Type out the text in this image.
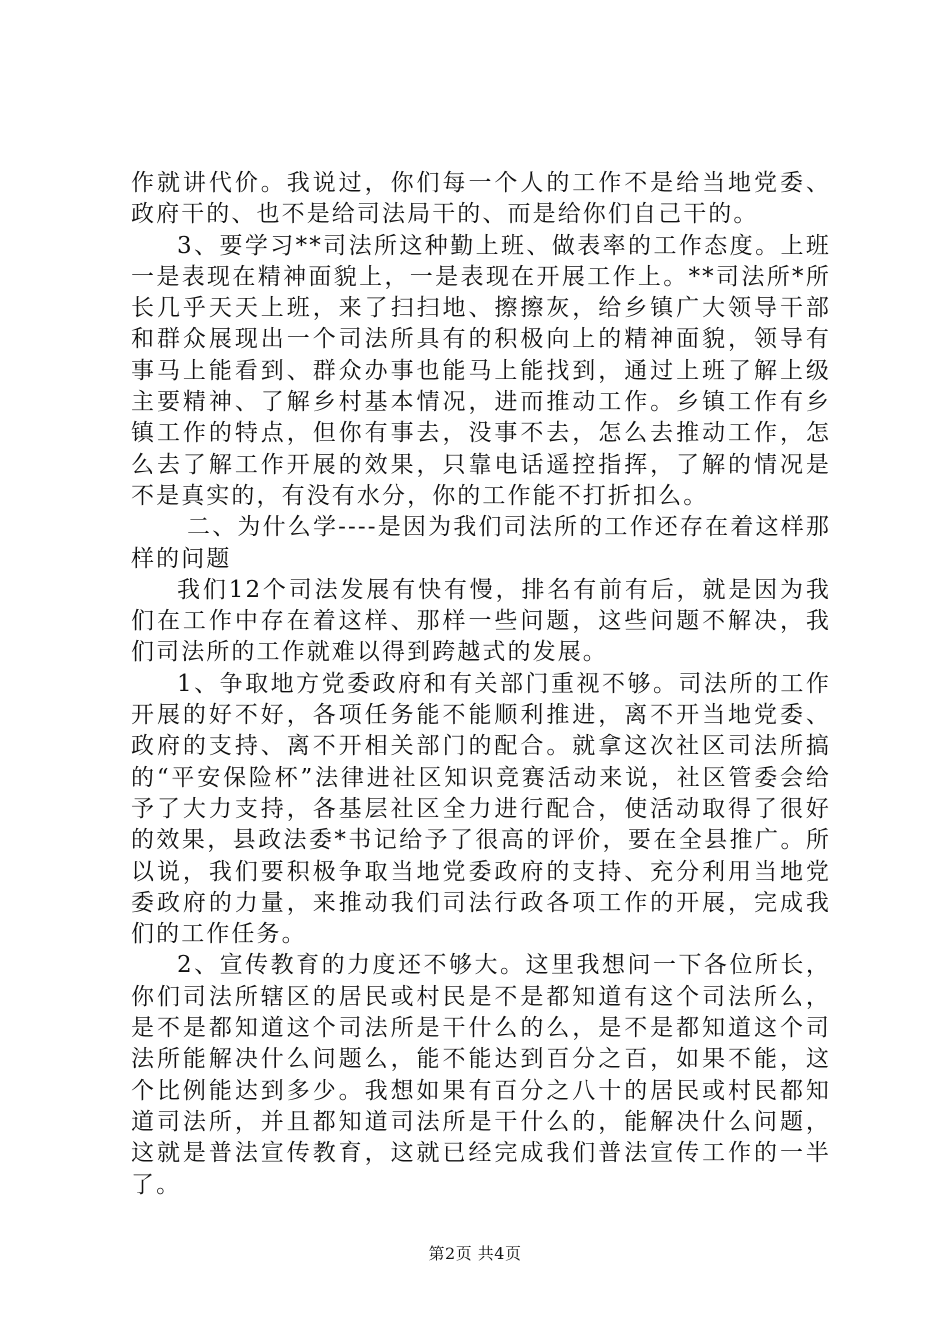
作就讲代价。我说过，你们每一个人的工作不是给当地党委、政府干的、也不是给司法局干的、而是给你们自己干的。

3、要学习**司法所这种勤上班、做表率的工作态度。上班一是表现在精神面貌上，一是表现在开展工作上。**司法所*所长几乎天天上班，来了扫扫地、擦擦灰，给乡镇广大领导干部和群众展现出一个司法所具有的积极向上的精神面貌，领导有事马上能看到、群众办事也能马上能找到，通过上班了解上级主要精神、了解乡村基本情况，进而推动工作。乡镇工作有乡镇工作的特点，但你有事去，没事不去，怎么去推动工作，怎么去了解工作开展的效果，只靠电话遥控指挥，了解的情况是不是真实的，有没有水分，你的工作能不打折扣么。

二、为什么学----是因为我们司法所的工作还存在着这样那样的问题

我们12个司法发展有快有慢，排名有前有后，就是因为我们在工作中存在着这样、那样一些问题，这些问题不解决，我们司法所的工作就难以得到跨越式的发展。

1、争取地方党委政府和有关部门重视不够。司法所的工作开展的好不好，各项任务能不能顺利推进，离不开当地党委、政府的支持、离不开相关部门的配合。就拿这次社区司法所搞的“平安保险杯”法律进社区知识竞赛活动来说，社区管委会给予了大力支持，各基层社区全力进行配合，使活动取得了很好的效果，县政法委*书记给予了很高的评价，要在全县推广。所以说，我们要积极争取当地党委政府的支持、充分利用当地党委政府的力量，来推动我们司法行政各项工作的开展，完成我们的工作任务。

2、宣传教育的力度还不够大。这里我想问一下各位所长，你们司法所辖区的居民或村民是不是都知道有这个司法所么，是不是都知道这个司法所是干什么的么，是不是都知道这个司法所能解决什么问题么，能不能达到百分之百，如果不能，这个比例能达到多少。我想如果有百分之八十的居民或村民都知道司法所，并且都知道司法所是干什么的，能解决什么问题，这就是普法宣传教育，这就已经完成我们普法宣传工作的一半了。

第2页 共4页
